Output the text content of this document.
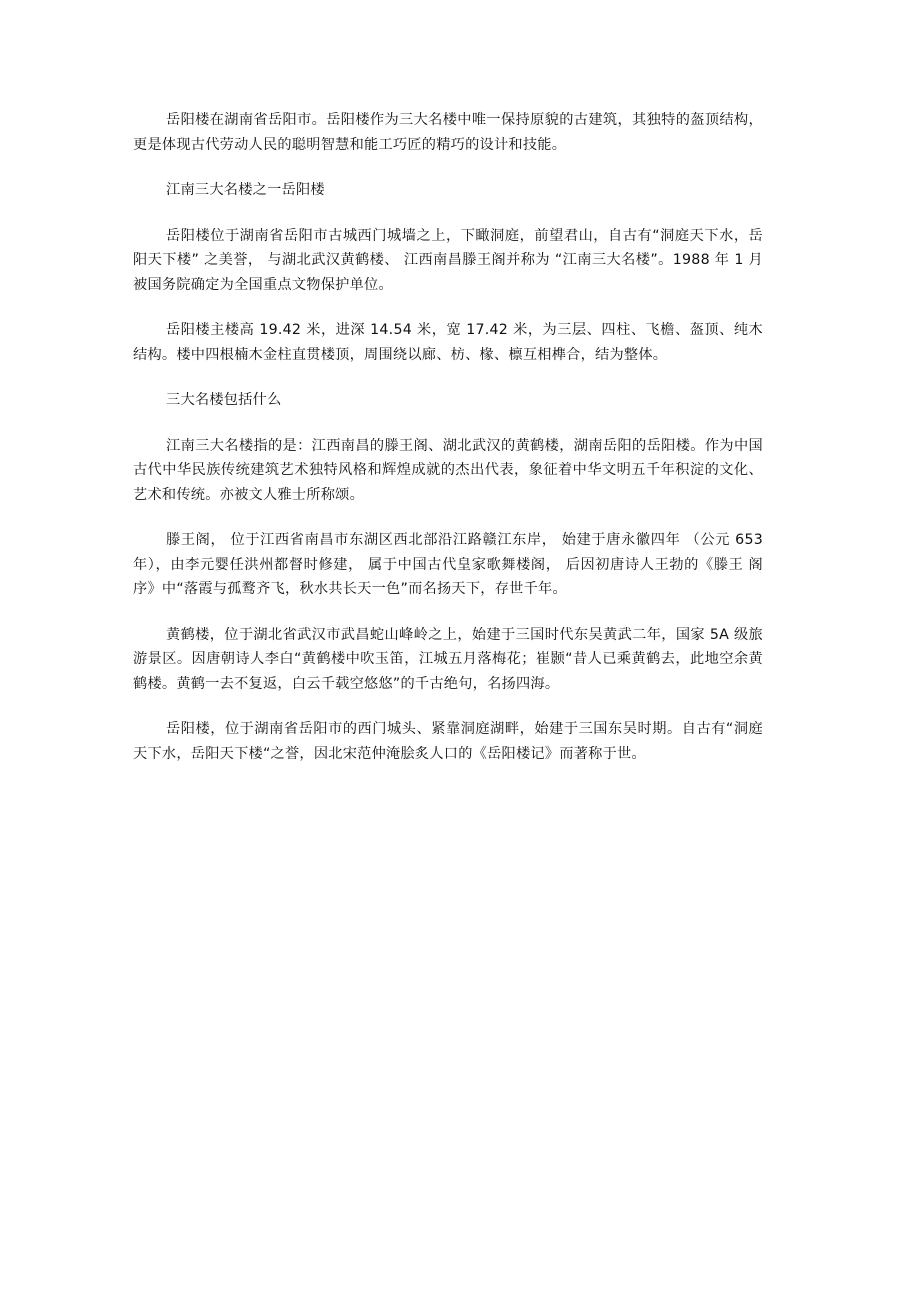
岳阳楼在湖南省岳阳市。岳阳楼作为三大名楼中唯一保持原貌的古建筑，其独特的盔顶结构，更是体现古代劳动人民的聪明智慧和能工巧匠的精巧的设计和技能。

江南三大名楼之一岳阳楼

岳阳楼位于湖南省岳阳市古城西门城墙之上，下瞰洞庭，前望君山，自古有“洞庭天下水，岳阳天下楼” 之美誉， 与湖北武汉黄鹤楼、 江西南昌滕王阁并称为 “江南三大名楼”。1988 年 1 月被国务院确定为全国重点文物保护单位。

岳阳楼主楼高 19.42 米，进深 14.54 米，宽 17.42 米，为三层、四柱、飞檐、盔顶、纯木结构。楼中四根楠木金柱直贯楼顶，周围绕以廊、枋、椽、檩互相榫合，结为整体。

三大名楼包括什么

江南三大名楼指的是：江西南昌的滕王阁、湖北武汉的黄鹤楼，湖南岳阳的岳阳楼。作为中国古代中华民族传统建筑艺术独特风格和辉煌成就的杰出代表，象征着中华文明五千年积淀的文化、艺术和传统。亦被文人雅士所称颂。

滕王阁， 位于江西省南昌市东湖区西北部沿江路赣江东岸， 始建于唐永徽四年 （公元 653 年），由李元婴任洪州都督时修建， 属于中国古代皇家歌舞楼阁， 后因初唐诗人王勃的《滕王 阁序》中“落霞与孤鹜齐飞，秋水共长天一色”而名扬天下，存世千年。

黄鹤楼，位于湖北省武汉市武昌蛇山峰岭之上，始建于三国时代东吴黄武二年，国家 5A 级旅游景区。因唐朝诗人李白“黄鹤楼中吹玉笛，江城五月落梅花；崔颢“昔人已乘黄鹤去，此地空余黄鹤楼。黄鹤一去不复返，白云千载空悠悠”的千古绝句，名扬四海。

岳阳楼，位于湖南省岳阳市的西门城头、紧靠洞庭湖畔，始建于三国东吴时期。自古有“洞庭天下水，岳阳天下楼“之誉，因北宋范仲淹脍炙人口的《岳阳楼记》而著称于世。
